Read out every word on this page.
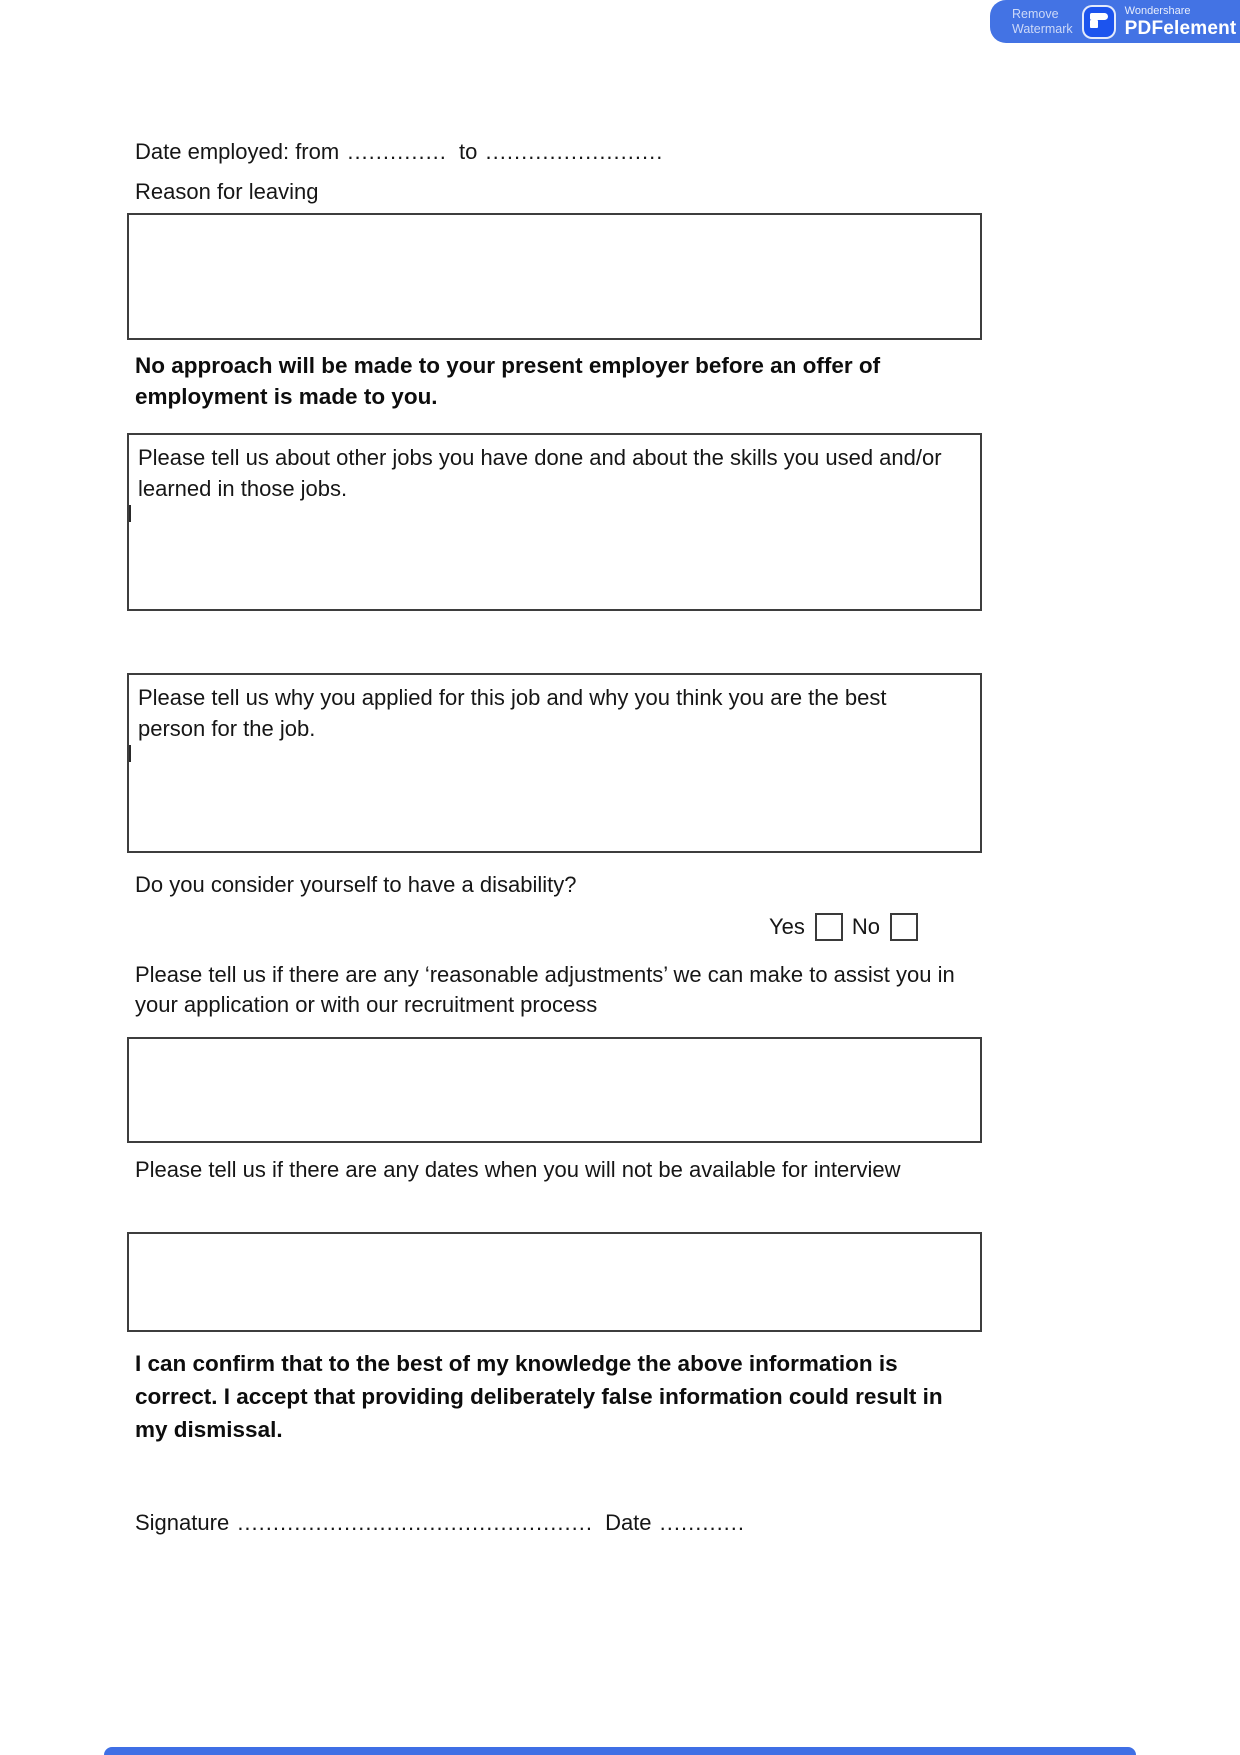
Remove
Watermark
Wondershare
PDFelement
Date employed: from .............. to .........................
Reason for leaving
No approach will be made to your present employer before an offer of employment is made to you.
Please tell us about other jobs you have done and about the skills you used and/or learned in those jobs.
Please tell us why you applied for this job and why you think you are the best person for the job.
Do you consider yourself to have a disability?
Yes No
Please tell us if there are any ‘reasonable adjustments’ we can make to assist you in your application or with our recruitment process
Please tell us if there are any dates when you will not be available for interview
I can confirm that to the best of my knowledge the above information is correct. I accept that providing deliberately false information could result in my dismissal.
Signature .................................................. Date ............
